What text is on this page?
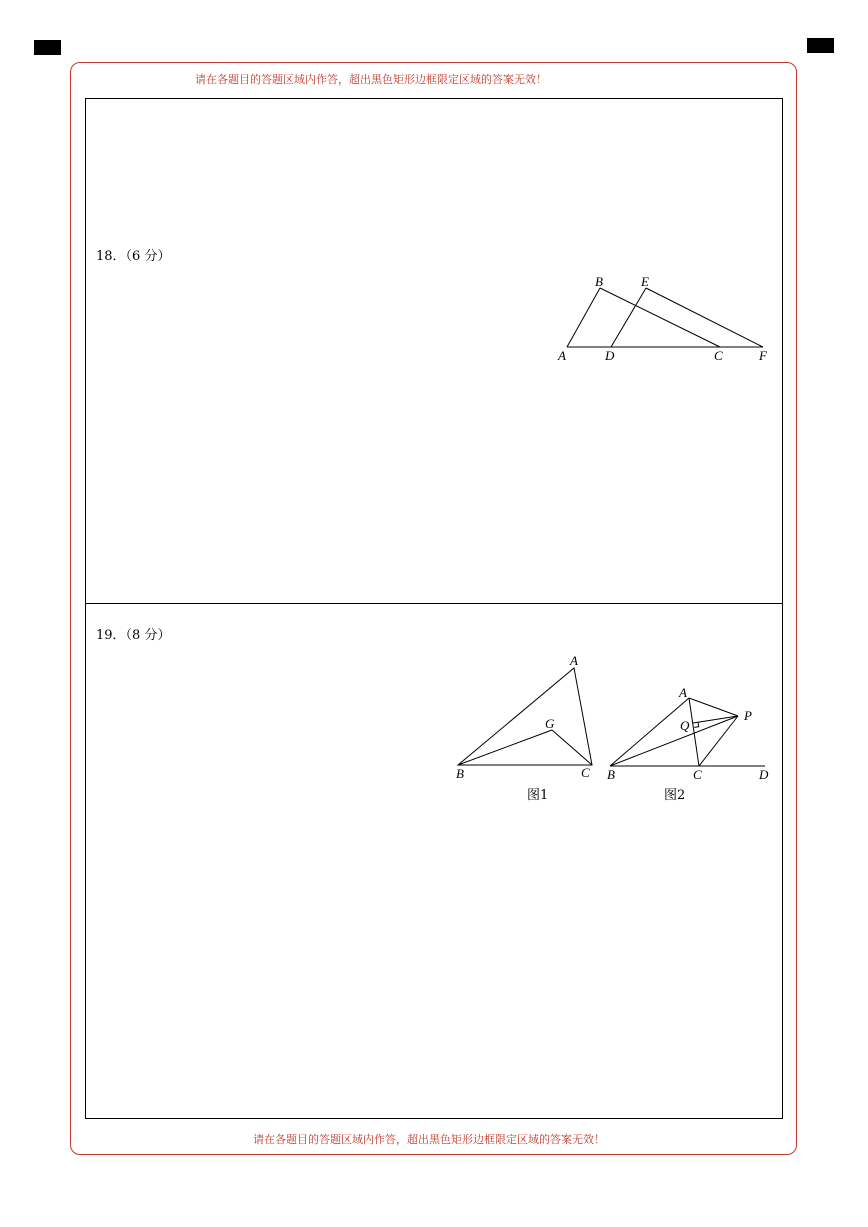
请在各题目的答题区域内作答，超出黑色矩形边框限定区域的答案无效！
请在各题目的答题区域内作答，超出黑色矩形边框限定区域的答案无效！
18．（6 分）
B	E
A	D	C	F
19．（8 分）
A
G
B	C
图1
A
P
Q
B	C	D
图2
